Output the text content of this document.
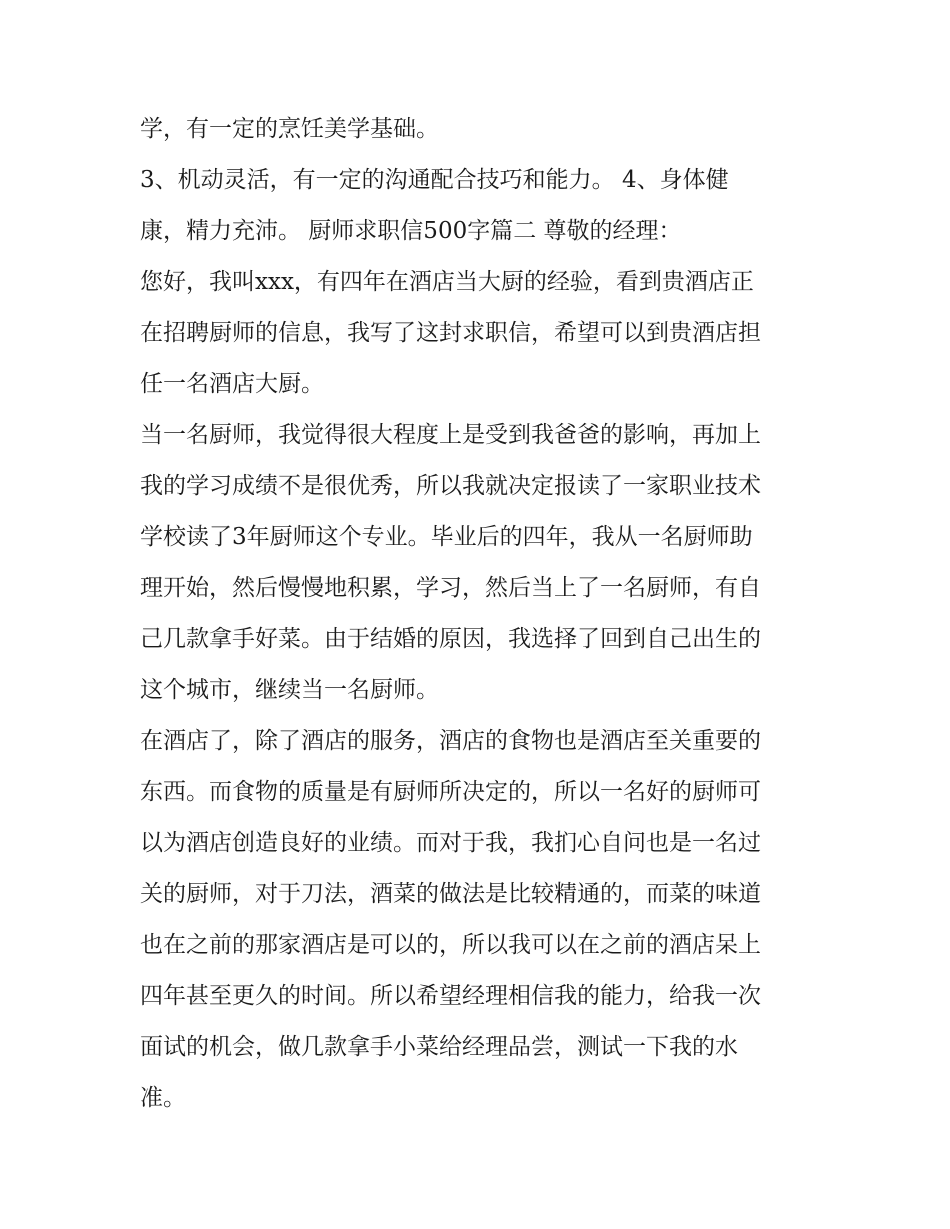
学，有一定的烹饪美学基础。
3、机动灵活，有一定的沟通配合技巧和能力。 4、身体健
康，精力充沛。 厨师求职信500字篇二 尊敬的经理：
您好，我叫xxx，有四年在酒店当大厨的经验，看到贵酒店正
在招聘厨师的信息，我写了这封求职信，希望可以到贵酒店担
任一名酒店大厨。
当一名厨师，我觉得很大程度上是受到我爸爸的影响，再加上
我的学习成绩不是很优秀，所以我就决定报读了一家职业技术
学校读了3年厨师这个专业。毕业后的四年，我从一名厨师助
理开始，然后慢慢地积累，学习，然后当上了一名厨师，有自
己几款拿手好菜。由于结婚的原因，我选择了回到自己出生的
这个城市，继续当一名厨师。
在酒店了，除了酒店的服务，酒店的食物也是酒店至关重要的
东西。而食物的质量是有厨师所决定的，所以一名好的厨师可
以为酒店创造良好的业绩。而对于我，我扪心自问也是一名过
关的厨师，对于刀法，酒菜的做法是比较精通的，而菜的味道
也在之前的那家酒店是可以的，所以我可以在之前的酒店呆上
四年甚至更久的时间。所以希望经理相信我的能力，给我一次
面试的机会，做几款拿手小菜给经理品尝，测试一下我的水
准。
